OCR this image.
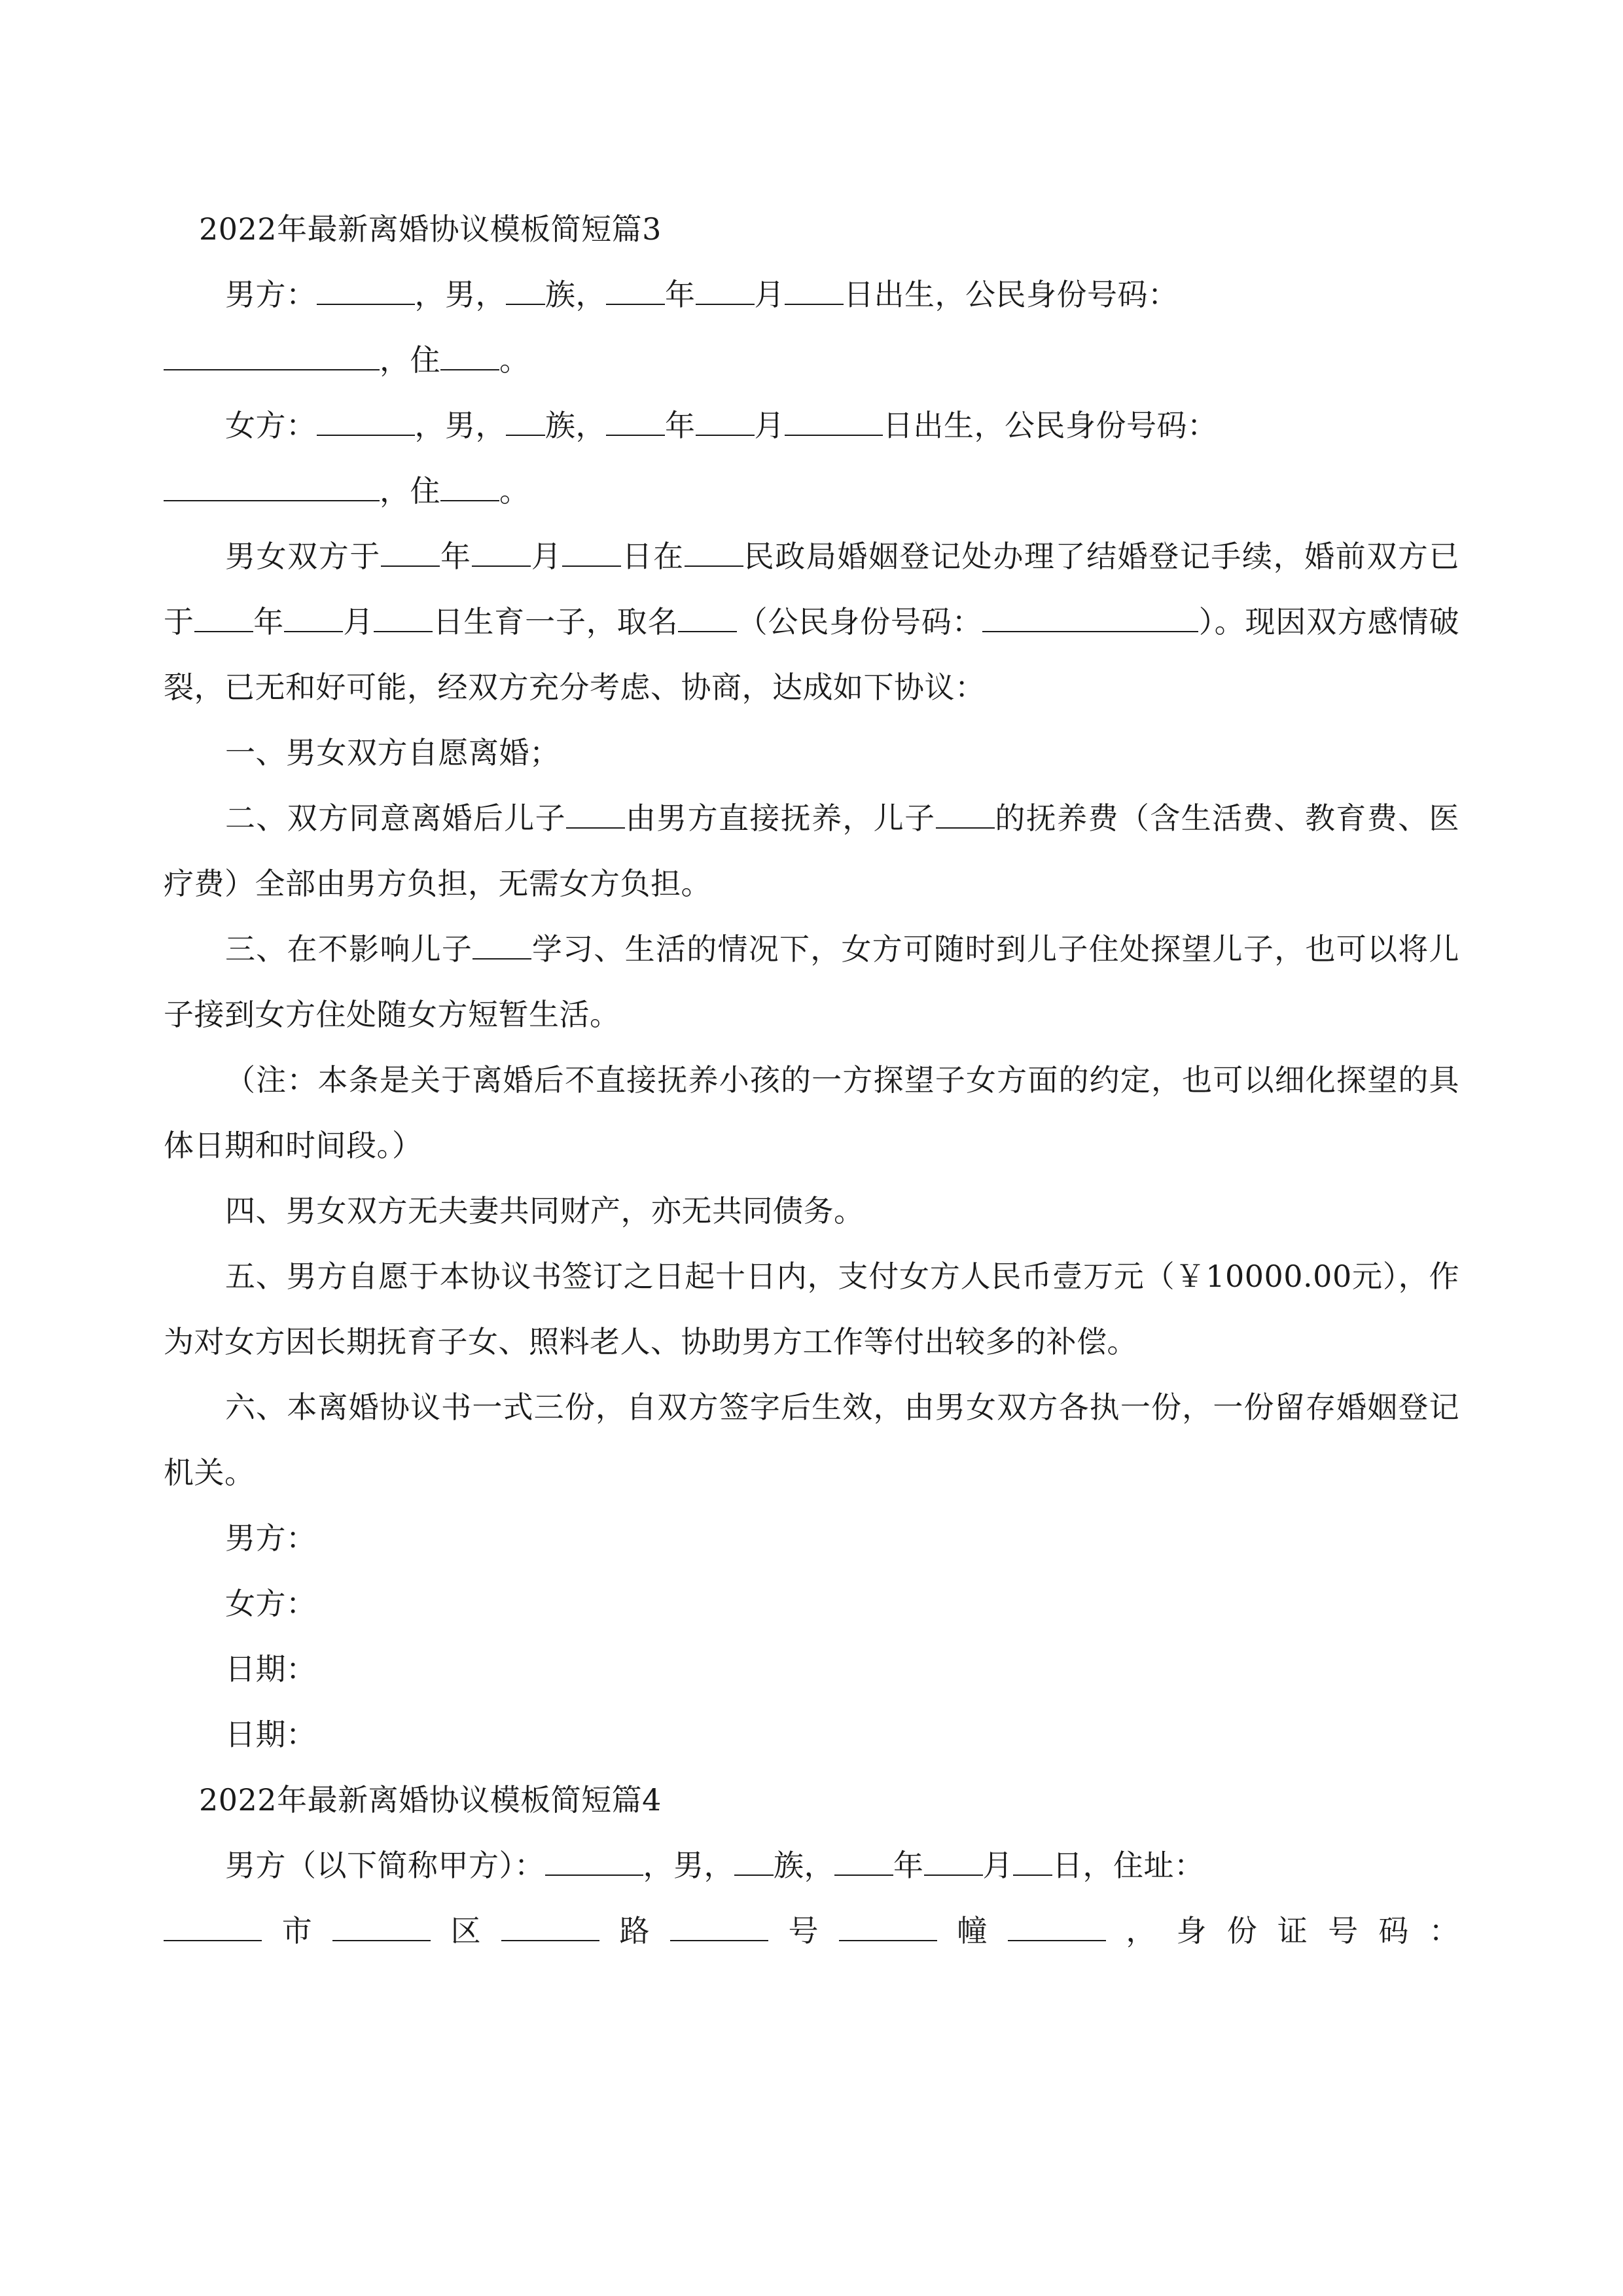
2022年最新离婚协议模板简短篇3

男方：	，男， 族， 年 月 日出生，公民身份号码：

，住 。

女方：	，男， 族， 年 月	日出生，公民身份号码：

，住 。

男女双方于 年 月 日在 民政局婚姻登记处办理了结婚登记手续，婚前双方已于 年 月 日生育一子，取名 （公民身份号码：	）。现因双方感情破裂，已无和好可能，经双方充分考虑、协商，达成如下协议：

一、男女双方自愿离婚；

二、双方同意离婚后儿子 由男方直接抚养，儿子 的抚养费（含生活费、教育费、医疗费）全部由男方负担，无需女方负担。

三、在不影响儿子 学习、生活的情况下，女方可随时到儿子住处探望儿子，也可以将儿子接到女方住处随女方短暂生活。

（注：本条是关于离婚后不直接抚养小孩的一方探望子女方面的约定，也可以细化探望的具体日期和时间段。）

四、男女双方无夫妻共同财产，亦无共同债务。

五、男方自愿于本协议书签订之日起十日内，支付女方人民币壹万元（￥10000.00元），作为对女方因长期抚育子女、照料老人、协助男方工作等付出较多的补偿。

六、本离婚协议书一式三份，自双方签字后生效，由男女双方各执一份，一份留存婚姻登记机关。

男方：

女方：

日期：

日期：

2022年最新离婚协议模板简短篇4

男方（以下简称甲方）：	，男， 族， 年 月 日，住址：

市	区	路	号	幢	，身份证号码：
